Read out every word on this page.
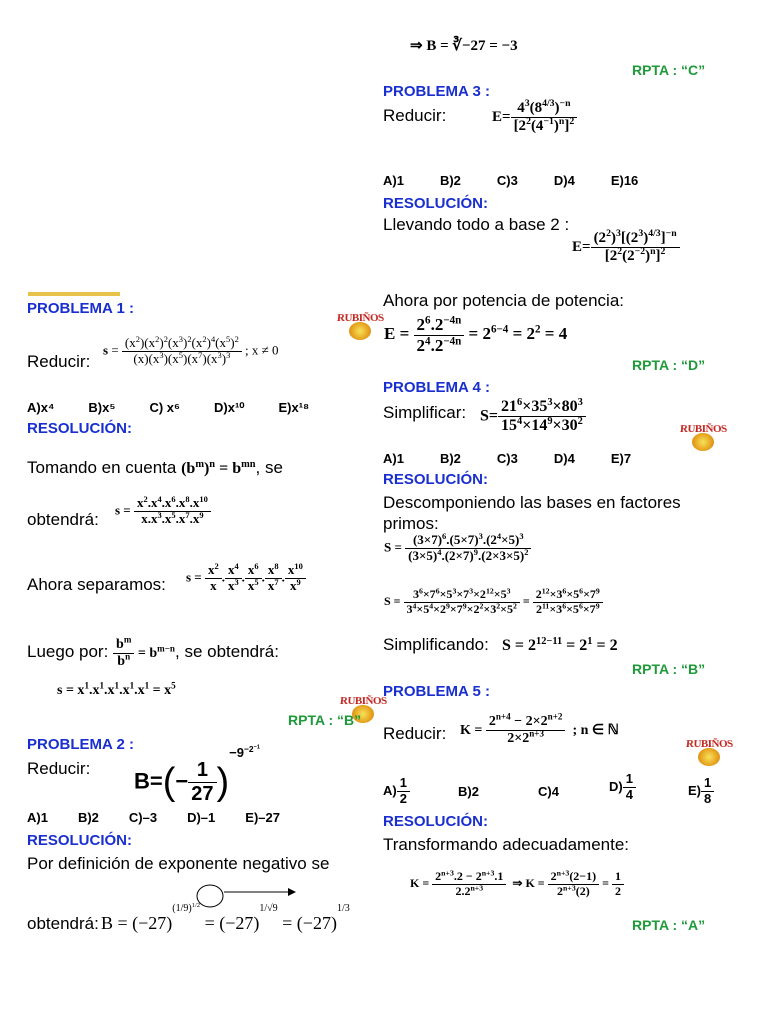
⇒ B = ∛−27 = −3
RPTA : “C”
PROBLEMA 3 :
Reducir:	$E= \frac{4^3(8^{4/3})^{-n}}{[2^2(4^{-1})^n]^2}$
A)1	B)2	C)3	D)4	E)16
RESOLUCIÓN:
Llevando todo a base 2 :
$E= \frac{(2^2)^3[(2^3)^{4/3}]^{-n}}{[2^2(2^{-2})^n]^2}$
Ahora por potencia de potencia:
$E = \frac{2^6.2^{-4n}}{2^4.2^{-4n}} = 2^{6-4} = 2^2 = 4$
RPTA : “D”
PROBLEMA 4 :
Simplificar: $S= \frac{21^6\times 35^3\times 80^3}{15^4\times 14^9\times 30^2}$
A)1	B)2	C)3	D)4	E)7
RUBIÑOS
RESOLUCIÓN:
Descomponiendo las bases en factores
primos:
$S = \frac{(3\times 7)^6.(5\times 7)^3.(2^4\times 5)^3}{(3\times 5)^4.(2\times 7)^9.(2\times 3\times 5)^2}$
$S = \frac{3^6\times 7^6\times 5^3\times 7^3\times 2^{12}\times 5^3}{3^4\times 5^4\times 2^9\times 7^9\times 2^2\times 3^2\times 5^2} = \frac{2^{12}\times 3^6\times 5^6\times 7^9}{2^{11}\times 3^6\times 5^6\times 7^9}$
Simplificando: $S = 2^{12-11} = 2^1 = 2$
RPTA : “B”
PROBLEMA 5 :
Reducir: $K = \frac{2^{n+4} - 2\times 2^{n+2}}{2\times 2^{n+3}}$ ; n ∈ ℕ
RUBIÑOS
$A) \frac{1}{2}$	B)2	C)4	$D) \frac{1}{4}$	$E) \frac{1}{8}$
RESOLUCIÓN:
Transformando adecuadamente:
$K = \frac{2^{n+3}.2 - 2^{n+3}.1}{2.2^{n+3}}$ ⇒ $K = \frac{2^{n+3}(2-1)}{2^{n+3}(2)} = \frac{1}{2}$
RPTA : “A”
PROBLEMA 1 :
RUBIÑOS
Reducir:
$s = \frac{(x^2)(x^2)^2(x^3)^2(x^2)^4(x^5)^2}{(x)(x^3)(x^5)(x^7)(x^3)^3}$ ; x ≠ 0
A)x⁴	B)x⁵	C) x⁶	D)x¹⁰	E)x¹⁸
RESOLUCIÓN:
Tomando en cuenta $(b^m)^n = b^{mn}$, se
obtendrá:
$s = \frac{x^2.x^4.x^6.x^8.x^{10}}{x.x^3.x^5.x^7.x^9}$
Ahora separamos: $s = \frac{x^2}{x}$ . $\frac{x^4}{x^3}$ . $\frac{x^6}{x^5}$ . $\frac{x^8}{x^7}$ . $\frac{x^{10}}{x^9}$
Luego por: $\frac{b^m}{b^n} = b^{m-n}$, se obtendrá:
$s = x^1.x^1.x^1.x^1.x^1 = x^5$
RUBIÑOS
RPTA : “B”
PROBLEMA 2 :
Reducir:
$B=(- \frac{1}{27} )^{-9^{-2^{-1}}}$
A)1 B)2 C)–3 D)–1 E)–27
RESOLUCIÓN:
Por definición de exponente negativo se
obtendrá: $B = (-27)^{(1/9)^{1/2}} = (-27)^{1/√9} = (-27)^{1/3}$
